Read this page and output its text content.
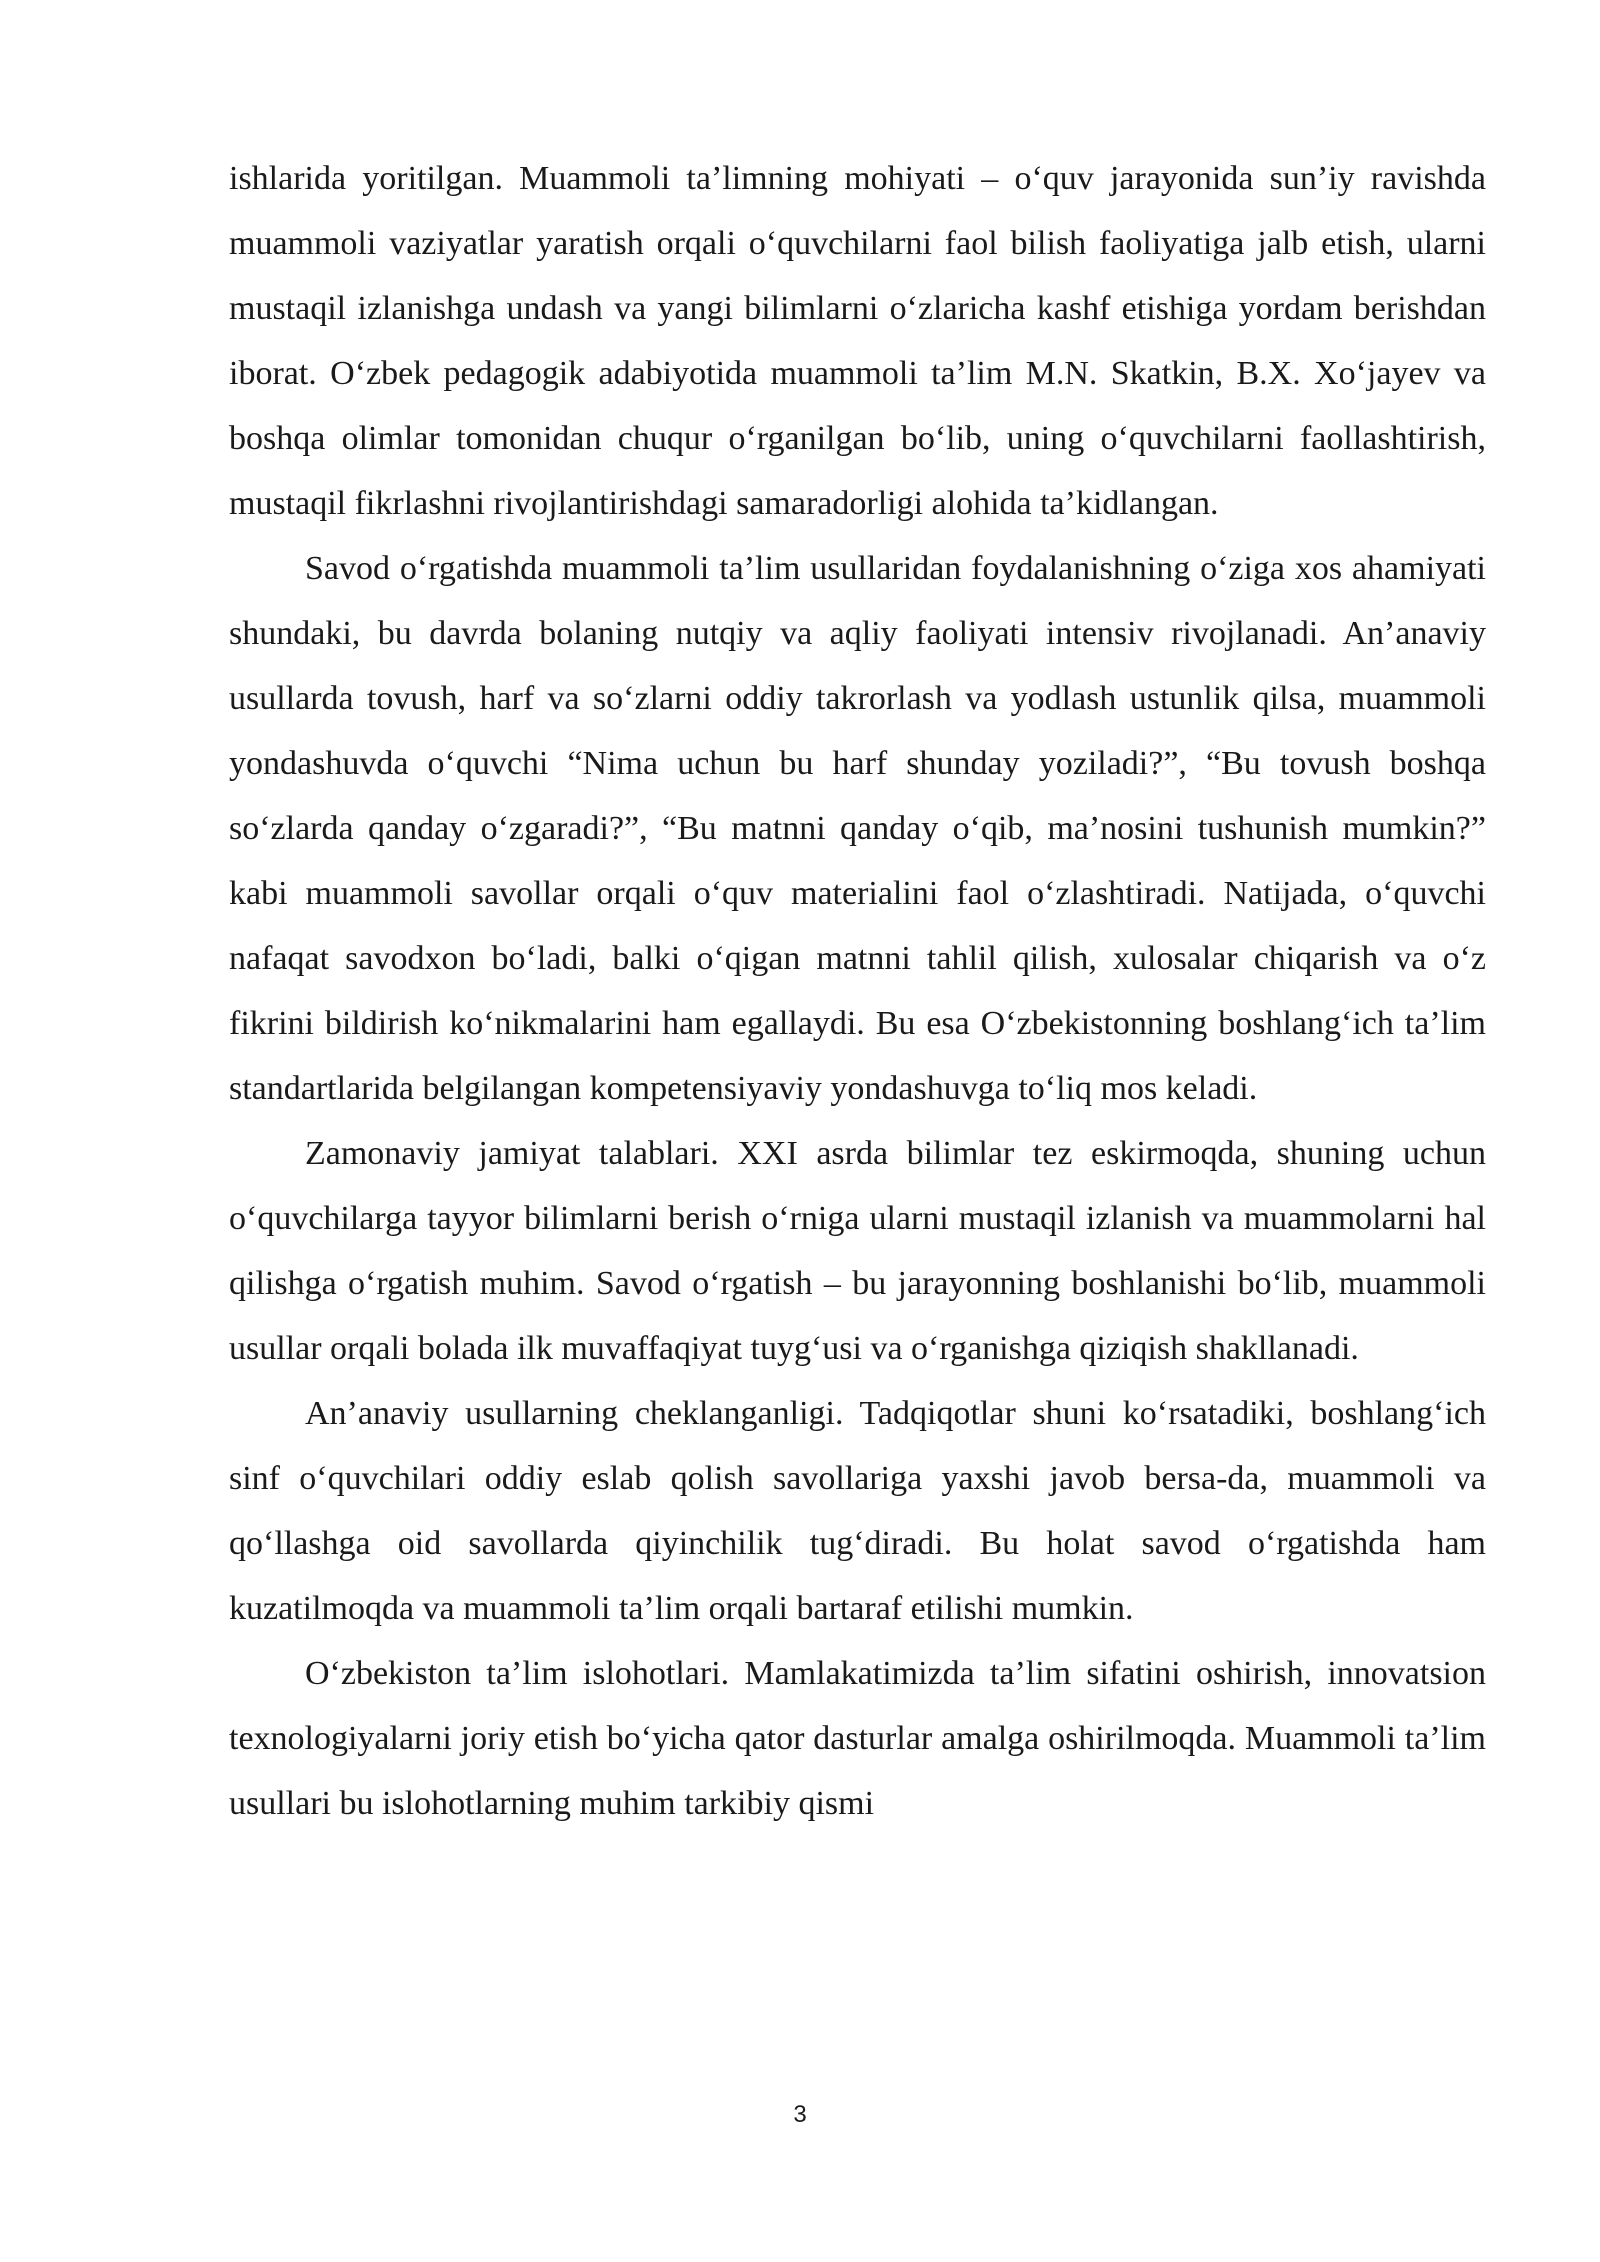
ishlarida yoritilgan. Muammoli ta’limning mohiyati – o‘quv jarayonida sun’iy ravishda muammoli vaziyatlar yaratish orqali o‘quvchilarni faol bilish faoliyatiga jalb etish, ularni mustaqil izlanishga undash va yangi bilimlarni o‘zlaricha kashf etishiga yordam berishdan iborat. O‘zbek pedagogik adabiyotida muammoli ta’lim M.N. Skatkin, B.X. Xo‘jayev va boshqa olimlar tomonidan chuqur o‘rganilgan bo‘lib, uning o‘quvchilarni faollashtirish, mustaqil fikrlashni rivojlantirishdagi samaradorligi alohida ta’kidlangan.

Savod o‘rgatishda muammoli ta’lim usullaridan foydalanishning o‘ziga xos ahamiyati shundaki, bu davrda bolaning nutqiy va aqliy faoliyati intensiv rivojlanadi. An’anaviy usullarda tovush, harf va so‘zlarni oddiy takrorlash va yodlash ustunlik qilsa, muammoli yondashuvda o‘quvchi “Nima uchun bu harf shunday yoziladi?”, “Bu tovush boshqa so‘zlarda qanday o‘zgaradi?”, “Bu matnni qanday o‘qib, ma’nosini tushunish mumkin?” kabi muammoli savollar orqali o‘quv materialini faol o‘zlashtiradi. Natijada, o‘quvchi nafaqat savodxon bo‘ladi, balki o‘qigan matnni tahlil qilish, xulosalar chiqarish va o‘z fikrini bildirish ko‘nikmalarini ham egallaydi. Bu esa O‘zbekistonning boshlang‘ich ta’lim standartlarida belgilangan kompetensiyaviy yondashuvga to‘liq mos keladi.

Zamonaviy jamiyat talablari. XXI asrda bilimlar tez eskirmoqda, shuning uchun o‘quvchilarga tayyor bilimlarni berish o‘rniga ularni mustaqil izlanish va muammolarni hal qilishga o‘rgatish muhim. Savod o‘rgatish – bu jarayonning boshlanishi bo‘lib, muammoli usullar orqali bolada ilk muvaffaqiyat tuyg‘usi va o‘rganishga qiziqish shakllanadi.

An’anaviy usullarning cheklanganligi. Tadqiqotlar shuni ko‘rsatadiki, boshlang‘ich sinf o‘quvchilari oddiy eslab qolish savollariga yaxshi javob bersa-da, muammoli va qo‘llashga oid savollarda qiyinchilik tug‘diradi. Bu holat savod o‘rgatishda ham kuzatilmoqda va muammoli ta’lim orqali bartaraf etilishi mumkin.

O‘zbekiston ta’lim islohotlari. Mamlakatimizda ta’lim sifatini oshirish, innovatsion texnologiyalarni joriy etish bo‘yicha qator dasturlar amalga oshirilmoqda. Muammoli ta’lim usullari bu islohotlarning muhim tarkibiy qismi

3
